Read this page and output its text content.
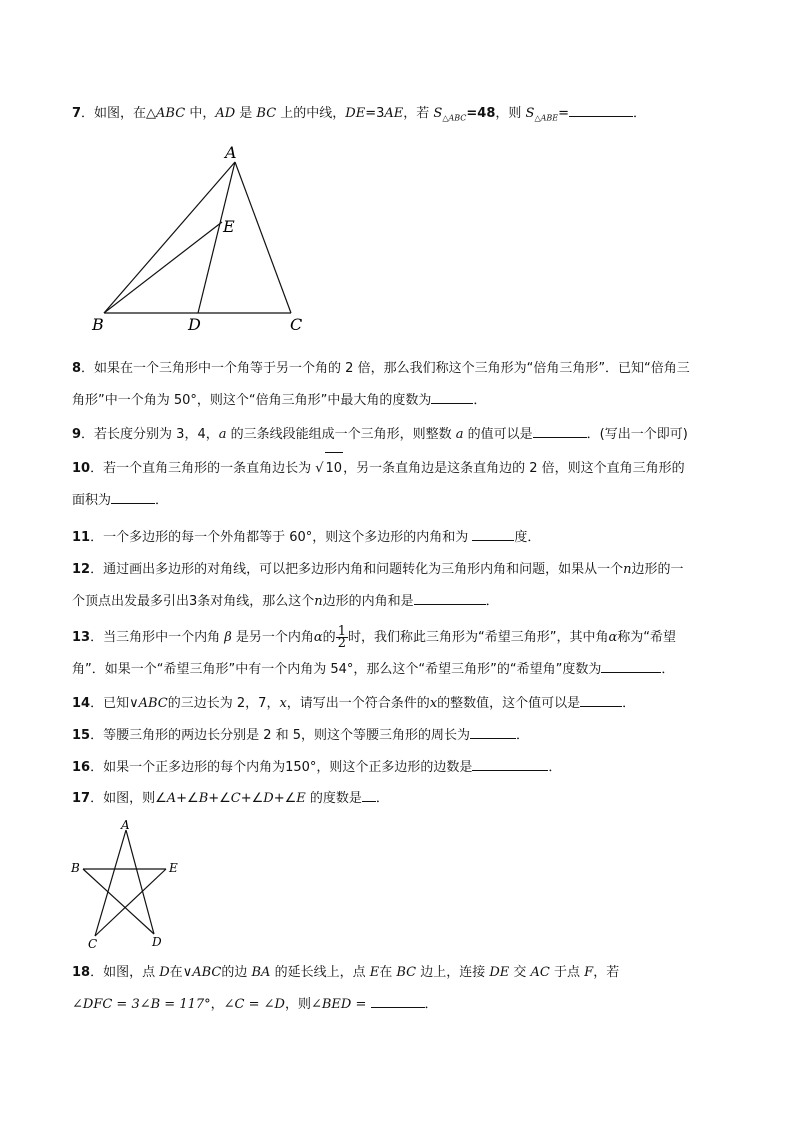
7．如图，在△ABC 中，AD 是 BC 上的中线，DE=3AE，若 $S_{\triangle ABC}=48$，则 $S_{\triangle ABE}=$	．
A
E
B	D	C
8．如果在一个三角形中一个角等于另一个角的 2 倍，那么我们称这个三角形为“倍角三角形”．已知“倍角三
角形”中一个角为 50°，则这个“倍角三角形”中最大角的度数为	．
9．若长度分别为 3，4，a 的三条线段能组成一个三角形，则整数 a 的值可以是	．(写出一个即可)
10．若一个直角三角形的一条直角边长为 √ 10，另一条直角边是这条直角边的 2 倍，则这个直角三角形的
面积为	．
11．一个多边形的每一个外角都等于 60°，则这个多边形的内角和为	度．
12．通过画出多边形的对角线，可以把多边形内角和问题转化为三角形内角和问题，如果从一个n边形的一
个顶点出发最多引出3条对角线，那么这个n边形的内角和是	．
13．当三角形中一个内角 β 是另一个内角α的 $\frac{1}{2}$ 时，我们称此三角形为“希望三角形”，其中角α称为“希望
角”．如果一个“希望三角形”中有一个内角为 54°，那么这个“希望三角形”的“希望角”度数为	．
14．已知∨ABC的三边长为 2，7，x，请写出一个符合条件的x的整数值，这个值可以是	．
15．等腰三角形的两边长分别是 2 和 5，则这个等腰三角形的周长为	．
16．如果一个正多边形的每个内角为150°，则这个正多边形的边数是	．
17．如图，则∠A+∠B+∠C+∠D+∠E 的度数是 ．
A
B	E
C	D
18．如图，点 D在∨ABC的边 BA 的延长线上，点 E在 BC 边上，连接 DE 交 AC 于点 F，若
∠DFC = 3∠B = 117°，∠C = ∠D，则∠BED =	．
